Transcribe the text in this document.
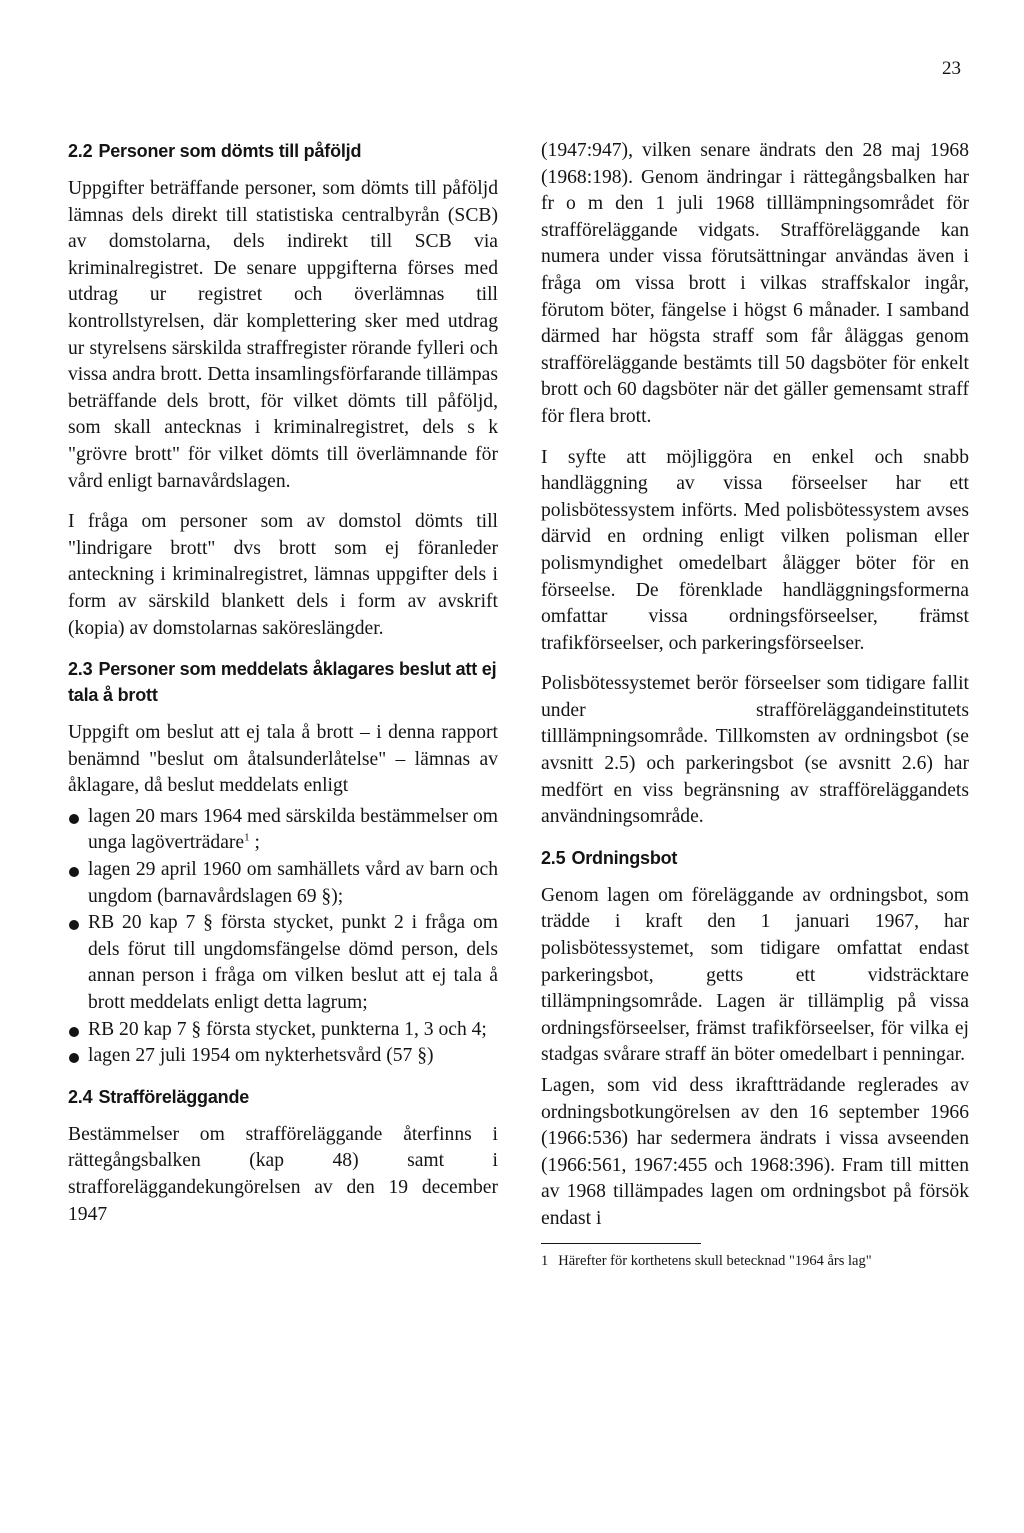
23
2.2 Personer som dömts till påföljd

Uppgifter beträffande personer, som dömts till påföljd lämnas dels direkt till statistiska centralbyrån (SCB) av domstolarna, dels indirekt till SCB via kriminalregistret. De senare uppgifterna förses med utdrag ur registret och överlämnas till kontrollstyrelsen, där komplettering sker med utdrag ur styrelsens särskilda straffregister rörande fylleri och vissa andra brott. Detta insamlingsförfarande tillämpas beträffande dels brott, för vilket dömts till påföljd, som skall antecknas i kriminalregistret, dels s k "grövre brott" för vilket dömts till överlämnande för vård enligt barnavårdslagen.

I fråga om personer som av domstol dömts till "lindrigare brott" dvs brott som ej föranleder anteckning i kriminalregistret, lämnas uppgifter dels i form av särskild blankett dels i form av avskrift (kopia) av domstolarnas sakörеslängder.

2.3 Personer som meddelats åklagares beslut att ej tala å brott

Uppgift om beslut att ej tala å brott – i denna rapport benämnd "beslut om åtalsunderlåtelse" – lämnas av åklagare, då beslut meddelats enligt

lagen 20 mars 1964 med särskilda bestämmelser om unga lagöverträdare$^1$ ;
lagen 29 april 1960 om samhällets vård av barn och ungdom (barnavårdslagen 69 §);
RB 20 kap 7 § första stycket, punkt 2 i fråga om dels förut till ungdomsfängelse dömd person, dels annan person i fråga om vilken beslut att ej tala å brott meddelats enligt detta lagrum;
RB 20 kap 7 § första stycket, punkterna 1, 3 och 4;
lagen 27 juli 1954 om nykterhetsvård (57 §)
2.4 Strafföreläggande

Bestämmelser om strafföreläggande återfinns i rättegångsbalken (kap 48) samt i strafforeläggandekungörelsen av den 19 december 1947

(1947:947), vilken senare ändrats den 28 maj 1968 (1968:198). Genom ändringar i rättegångsbalken har fr o m den 1 juli 1968 tilllämpningsområdet för strafföreläggande vidgats. Strafföreläggande kan numera under vissa förutsättningar användas även i fråga om vissa brott i vilkas straffskalor ingår, förutom böter, fängelse i högst 6 månader. I samband därmed har högsta straff som får åläggas genom strafföreläggande bestämts till 50 dagsböter för enkelt brott och 60 dagsböter när det gäller gemensamt straff för flera brott.

I syfte att möjliggöra en enkel och snabb handläggning av vissa förseelser har ett polisbötessystem införts. Med polisbötessystem avses därvid en ordning enligt vilken polisman eller polismyndighet omedelbart ålägger böter för en förseelse. De förenklade handläggningsformerna omfattar vissa ordningsförseelser, främst trafikförseelser, och parkeringsförseelser.

Polisbötessystemet berör förseelser som tidigare fallit under strafföreläggandeinstitutets tilllämpningsområde. Tillkomsten av ordningsbot (se avsnitt 2.5) och parkeringsbot (se avsnitt 2.6) har medfört en viss begränsning av strafföreläggandets användningsområde.

2.5 Ordningsbot

Genom lagen om föreläggande av ordningsbot, som trädde i kraft den 1 januari 1967, har polisbötessystemet, som tidigare omfattat endast parkeringsbot, getts ett vidsträcktare tillämpningsområde. Lagen är tillämplig på vissa ordningsförseelser, främst trafikförseelser, för vilka ej stadgas svårare straff än böter omedelbart i penningar.

Lagen, som vid dess ikraftträdande reglerades av ordningsbotkungörelsen av den 16 september 1966 (1966:536) har sedermera ändrats i vissa avseenden (1966:561, 1967:455 och 1968:396). Fram till mitten av 1968 tillämpades lagen om ordningsbot på försök endast i

1 Härefter för korthetens skull betecknad "1964 års lag"
